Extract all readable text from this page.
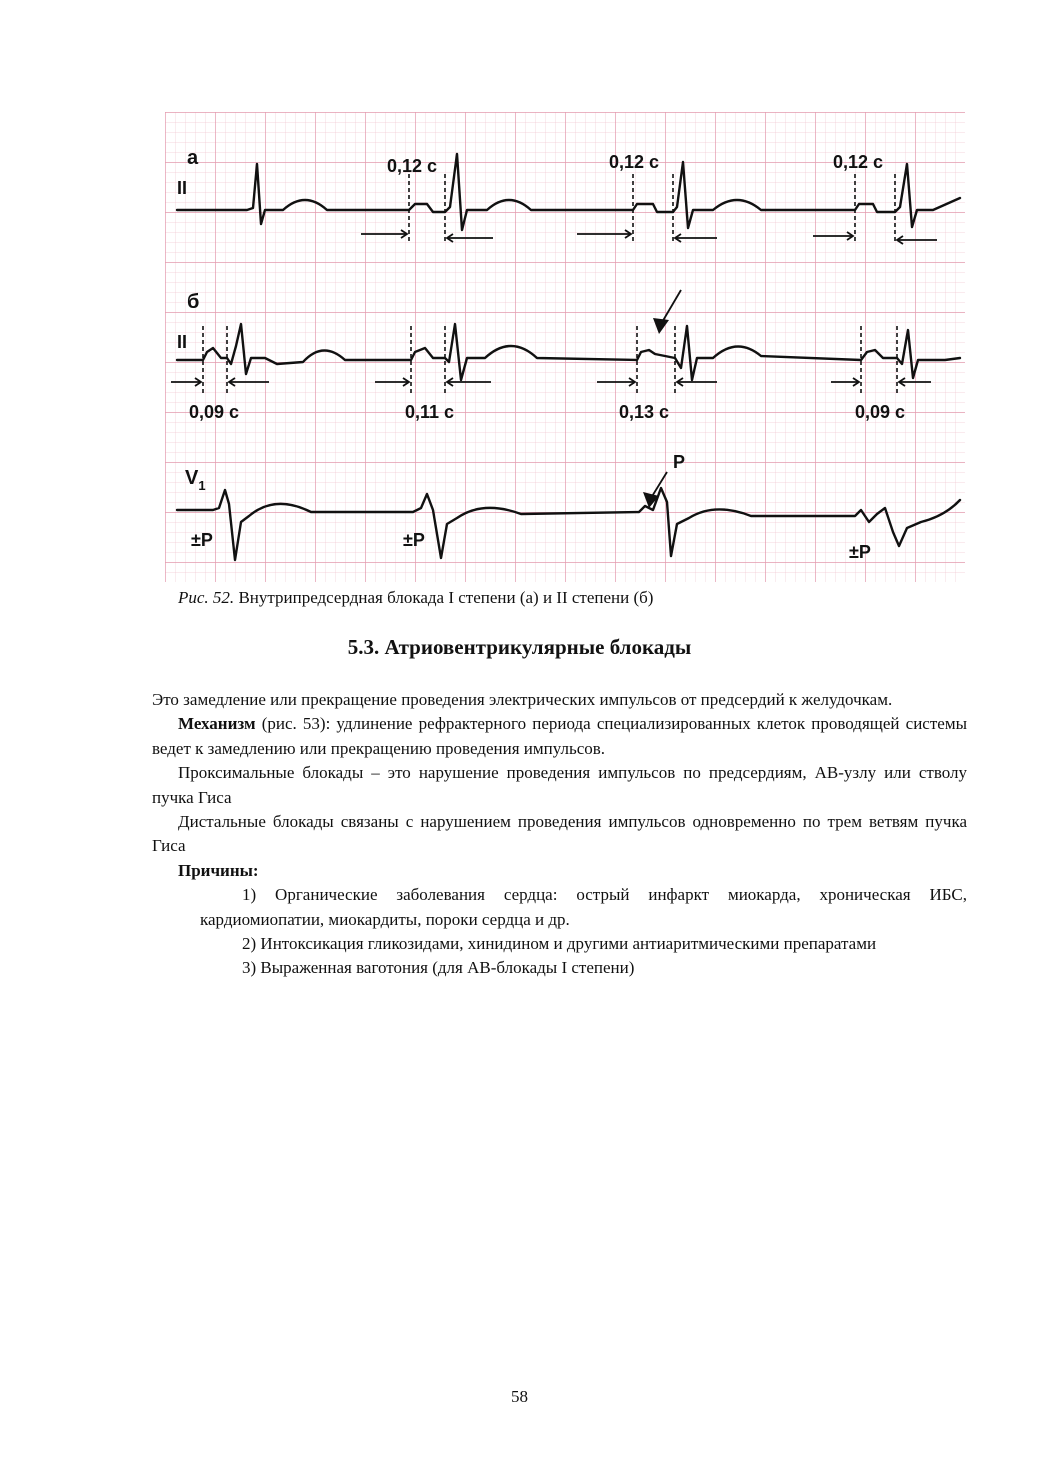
а
II
0,12 с	0,12 с	0,12 с
б
II
0,09 с	0,11 с	0,13 с	0,09 с
$V_1$
±P	±P
±P
P
Рис. 52. Внутрипредсердная блокада I степени (а) и II степени (б)
5.3. Атриовентрикулярные блокады

Это замедление или прекращение проведения электрических импульсов от предсердий к желудочкам.

Механизм (рис. 53): удлинение рефрактерного периода специализированных клеток проводящей системы ведет к замедлению или прекращению проведения импульсов.

Проксимальные блокады – это нарушение проведения импульсов по предсердиям, АВ-узлу или стволу пучка Гиса

Дистальные блокады связаны с нарушением проведения импульсов одновременно по трем ветвям пучка Гиса

Причины:

1) Органические заболевания сердца: острый инфаркт миокарда, хроническая ИБС, кардиомиопатии, миокардиты, пороки сердца и др.

2) Интоксикация гликозидами, хинидином и другими антиаритмическими препаратами

3) Выраженная ваготония (для АВ-блокады I степени)

58
